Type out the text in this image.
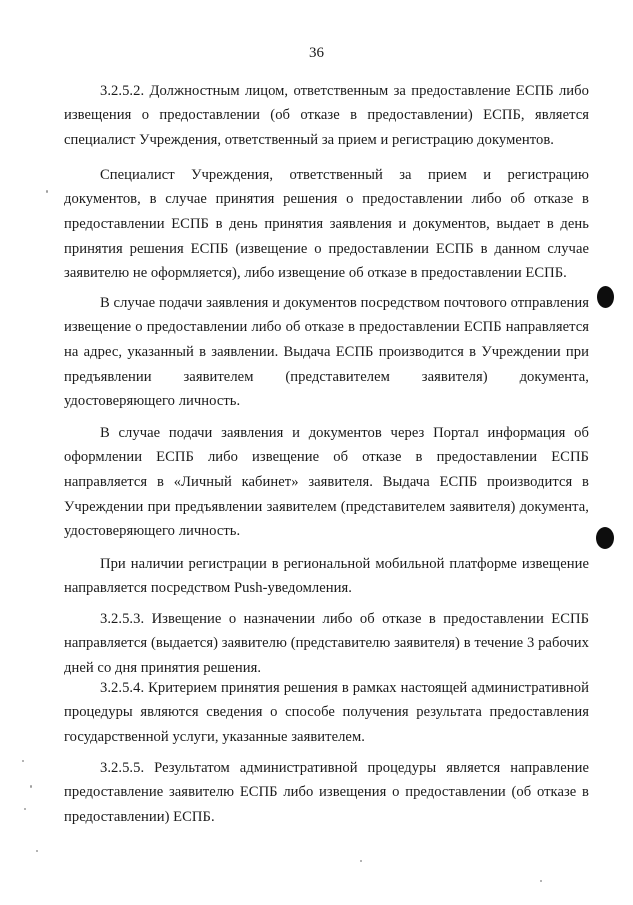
36

3.2.5.2. Должностным лицом, ответственным за предоставление ЕСПБ либо извещения о предоставлении (об отказе в предоставлении) ЕСПБ, является специалист Учреждения, ответственный за прием и регистрацию документов.

Специалист Учреждения, ответственный за прием и регистрацию документов, в случае принятия решения о предоставлении либо об отказе в предоставлении ЕСПБ в день принятия заявления и документов, выдает в день принятия решения ЕСПБ (извещение о предоставлении ЕСПБ в данном случае заявителю не оформляется), либо извещение об отказе в предоставлении ЕСПБ.

В случае подачи заявления и документов посредством почтового отправления извещение о предоставлении либо об отказе в предоставлении ЕСПБ направляется на адрес, указанный в заявлении. Выдача ЕСПБ производится в Учреждении при предъявлении заявителем (представителем заявителя) документа, удостоверяющего личность.

В случае подачи заявления и документов через Портал информация об оформлении ЕСПБ либо извещение об отказе в предоставлении ЕСПБ направляется в «Личный кабинет» заявителя. Выдача ЕСПБ производится в Учреждении при предъявлении заявителем (представителем заявителя) документа, удостоверяющего личность.

При наличии регистрации в региональной мобильной платформе извещение направляется посредством Push-уведомления.

3.2.5.3. Извещение о назначении либо об отказе в предоставлении ЕСПБ направляется (выдается) заявителю (представителю заявителя) в течение 3 рабочих дней со дня принятия решения.

3.2.5.4. Критерием принятия решения в рамках настоящей административной процедуры являются сведения о способе получения результата предоставления государственной услуги, указанные заявителем.

3.2.5.5. Результатом административной процедуры является направление предоставление заявителю ЕСПБ либо извещения о предоставлении (об отказе в предоставлении) ЕСПБ.
